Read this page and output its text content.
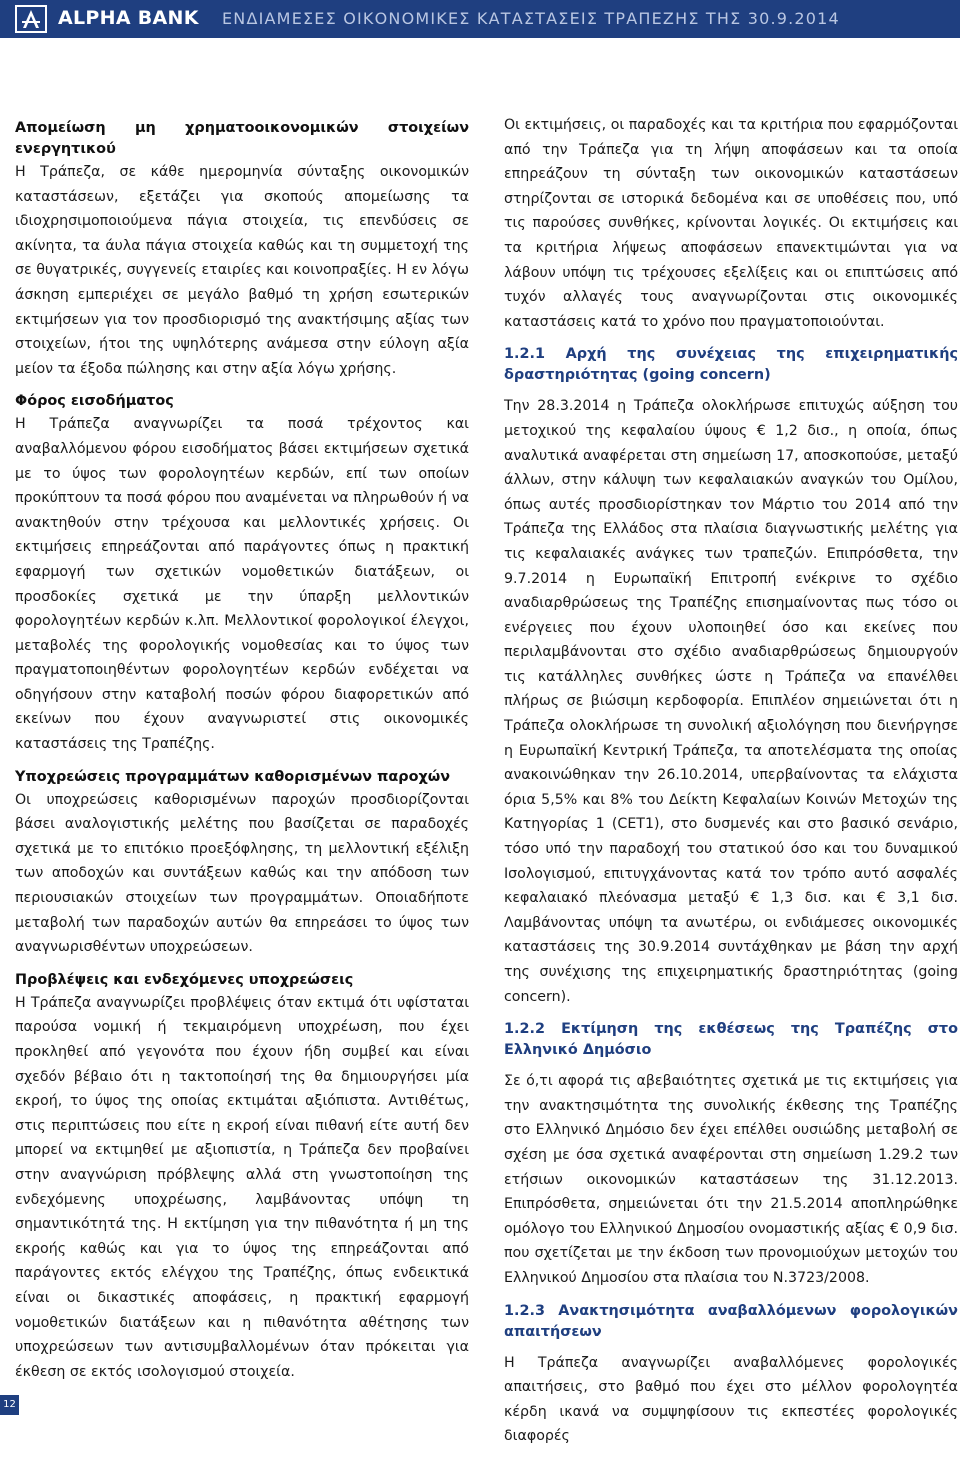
ALPHA BANK ΕΝΔΙΑΜΕΣΕΣ ΟΙΚΟΝΟΜΙΚΕΣ ΚΑΤΑΣΤΑΣΕΙΣ ΤΡΑΠΕΖΗΣ ΤΗΣ 30.9.2014
Απομείωση μη χρηματοοικονομικών στοιχείων ενεργητικού

Η Τράπεζα, σε κάθε ημερομηνία σύνταξης οικονομικών καταστάσεων, εξετάζει για σκοπούς απομείωσης τα ιδιοχρησιμοποιούμενα πάγια στοιχεία, τις επενδύσεις σε ακίνητα, τα άυλα πάγια στοιχεία καθώς και τη συμμετοχή της σε θυγατρικές, συγγενείς εταιρίες και κοινοπραξίες. Η εν λόγω άσκηση εμπεριέχει σε μεγάλο βαθμό τη χρήση εσωτερικών εκτιμήσεων για τον προσδιορισμό της ανακτήσιμης αξίας των στοιχείων, ήτοι της υψηλότερης ανάμεσα στην εύλογη αξία μείον τα έξοδα πώλησης και στην αξία λόγω χρήσης.

Φόρος εισοδήματος

Η Τράπεζα αναγνωρίζει τα ποσά τρέχοντος και αναβαλλόμενου φόρου εισοδήματος βάσει εκτιμήσεων σχετικά με το ύψος των φορολογητέων κερδών, επί των οποίων προκύπτουν τα ποσά φόρου που αναμένεται να πληρωθούν ή να ανακτηθούν στην τρέχουσα και μελλοντικές χρήσεις. Οι εκτιμήσεις επηρεάζονται από παράγοντες όπως η πρακτική εφαρμογή των σχετικών νομοθετικών διατάξεων, οι προσδοκίες σχετικά με την ύπαρξη μελλοντικών φορολογητέων κερδών κ.λπ. Μελλοντικοί φορολογικοί έλεγχοι, μεταβολές της φορολογικής νομοθεσίας και το ύψος των πραγματοποιηθέντων φορολογητέων κερδών ενδέχεται να οδηγήσουν στην καταβολή ποσών φόρου διαφορετικών από εκείνων που έχουν αναγνωριστεί στις οικονομικές καταστάσεις της Τραπέζης.

Υποχρεώσεις προγραμμάτων καθορισμένων παροχών

Οι υποχρεώσεις καθορισμένων παροχών προσδιορίζονται βάσει αναλογιστικής μελέτης που βασίζεται σε παραδοχές σχετικά με το επιτόκιο προεξόφλησης, τη μελλοντική εξέλιξη των αποδοχών και συντάξεων καθώς και την απόδοση των περιουσιακών στοιχείων των προγραμμάτων. Οποιαδήποτε μεταβολή των παραδοχών αυτών θα επηρεάσει το ύψος των αναγνωρισθέντων υποχρεώσεων.

Προβλέψεις και ενδεχόμενες υποχρεώσεις

Η Τράπεζα αναγνωρίζει προβλέψεις όταν εκτιμά ότι υφίσταται παρούσα νομική ή τεκμαιρόμενη υποχρέωση, που έχει προκληθεί από γεγονότα που έχουν ήδη συμβεί και είναι σχεδόν βέβαιο ότι η τακτοποίησή της θα δημιουργήσει μία εκροή, το ύψος της οποίας εκτιμάται αξιόπιστα. Αντιθέτως, στις περιπτώσεις που είτε η εκροή είναι πιθανή είτε αυτή δεν μπορεί να εκτιμηθεί με αξιοπιστία, η Τράπεζα δεν προβαίνει στην αναγνώριση πρόβλεψης αλλά στη γνωστοποίηση της ενδεχόμενης υποχρέωσης, λαμβάνοντας υπόψη τη σημαντικότητά της. Η εκτίμηση για την πιθανότητα ή μη της εκροής καθώς και για το ύψος της επηρεάζονται από παράγοντες εκτός ελέγχου της Τραπέζης, όπως ενδεικτικά είναι οι δικαστικές αποφάσεις, η πρακτική εφαρμογή νομοθετικών διατάξεων και η πιθανότητα αθέτησης των υποχρεώσεων των αντισυμβαλλομένων όταν πρόκειται για έκθεση σε εκτός ισολογισμού στοιχεία.

Οι εκτιμήσεις, οι παραδοχές και τα κριτήρια που εφαρμόζονται από την Τράπεζα για τη λήψη αποφάσεων και τα οποία επηρεάζουν τη σύνταξη των οικονομικών καταστάσεων στηρίζονται σε ιστορικά δεδομένα και σε υποθέσεις που, υπό τις παρούσες συνθήκες, κρίνονται λογικές. Οι εκτιμήσεις και τα κριτήρια λήψεως αποφάσεων επανεκτιμώνται για να λάβουν υπόψη τις τρέχουσες εξελίξεις και οι επιπτώσεις από τυχόν αλλαγές τους αναγνωρίζονται στις οικονομικές καταστάσεις κατά το χρόνο που πραγματοποιούνται.

1.2.1 Αρχή της συνέχειας της επιχειρηματικής δραστηριότητας (going concern)

Την 28.3.2014 η Τράπεζα ολοκλήρωσε επιτυχώς αύξηση του μετοχικού της κεφαλαίου ύψους € 1,2 δισ., η οποία, όπως αναλυτικά αναφέρεται στη σημείωση 17, αποσκοπούσε, μεταξύ άλλων, στην κάλυψη των κεφαλαιακών αναγκών του Ομίλου, όπως αυτές προσδιορίστηκαν τον Μάρτιο του 2014 από την Τράπεζα της Ελλάδος στα πλαίσια διαγνωστικής μελέτης για τις κεφαλαιακές ανάγκες των τραπεζών. Επιπρόσθετα, την 9.7.2014 η Ευρωπαϊκή Επιτροπή ενέκρινε το σχέδιο αναδιαρθρώσεως της Τραπέζης επισημαίνοντας πως τόσο οι ενέργειες που έχουν υλοποιηθεί όσο και εκείνες που περιλαμβάνονται στο σχέδιο αναδιαρθρώσεως δημιουργούν τις κατάλληλες συνθήκες ώστε η Τράπεζα να επανέλθει πλήρως σε βιώσιμη κερδοφορία. Επιπλέον σημειώνεται ότι η Τράπεζα ολοκλήρωσε τη συνολική αξιολόγηση που διενήργησε η Ευρωπαϊκή Κεντρική Τράπεζα, τα αποτελέσματα της οποίας ανακοινώθηκαν την 26.10.2014, υπερβαίνοντας τα ελάχιστα όρια 5,5% και 8% του Δείκτη Κεφαλαίων Κοινών Μετοχών της Κατηγορίας 1 (CET1), στο δυσμενές και στο βασικό σενάριο, τόσο υπό την παραδοχή του στατικού όσο και του δυναμικού Ισολογισμού, επιτυγχάνοντας κατά τον τρόπο αυτό ασφαλές κεφαλαιακό πλεόνασμα μεταξύ € 1,3 δισ. και € 3,1 δισ. Λαμβάνοντας υπόψη τα ανωτέρω, οι ενδιάμεσες οικονομικές καταστάσεις της 30.9.2014 συντάχθηκαν με βάση την αρχή της συνέχισης της επιχειρηματικής δραστηριότητας (going concern).

1.2.2 Εκτίμηση της εκθέσεως της Τραπέζης στο Ελληνικό Δημόσιο

Σε ό,τι αφορά τις αβεβαιότητες σχετικά με τις εκτιμήσεις για την ανακτησιμότητα της συνολικής έκθεσης της Τραπέζης στο Ελληνικό Δημόσιο δεν έχει επέλθει ουσιώδης μεταβολή σε σχέση με όσα σχετικά αναφέρονται στη σημείωση 1.29.2 των ετήσιων οικονομικών καταστάσεων της 31.12.2013. Επιπρόσθετα, σημειώνεται ότι την 21.5.2014 αποπληρώθηκε ομόλογο του Ελληνικού Δημοσίου ονομαστικής αξίας € 0,9 δισ. που σχετίζεται με την έκδοση των προνομιούχων μετοχών του Ελληνικού Δημοσίου στα πλαίσια του Ν.3723/2008.

1.2.3 Ανακτησιμότητα αναβαλλόμενων φορολογικών απαιτήσεων

Η Τράπεζα αναγνωρίζει αναβαλλόμενες φορολογικές απαιτήσεις, στο βαθμό που έχει στο μέλλον φορολογητέα κέρδη ικανά να συμψηφίσουν τις εκπεστέες φορολογικές διαφορές

12
